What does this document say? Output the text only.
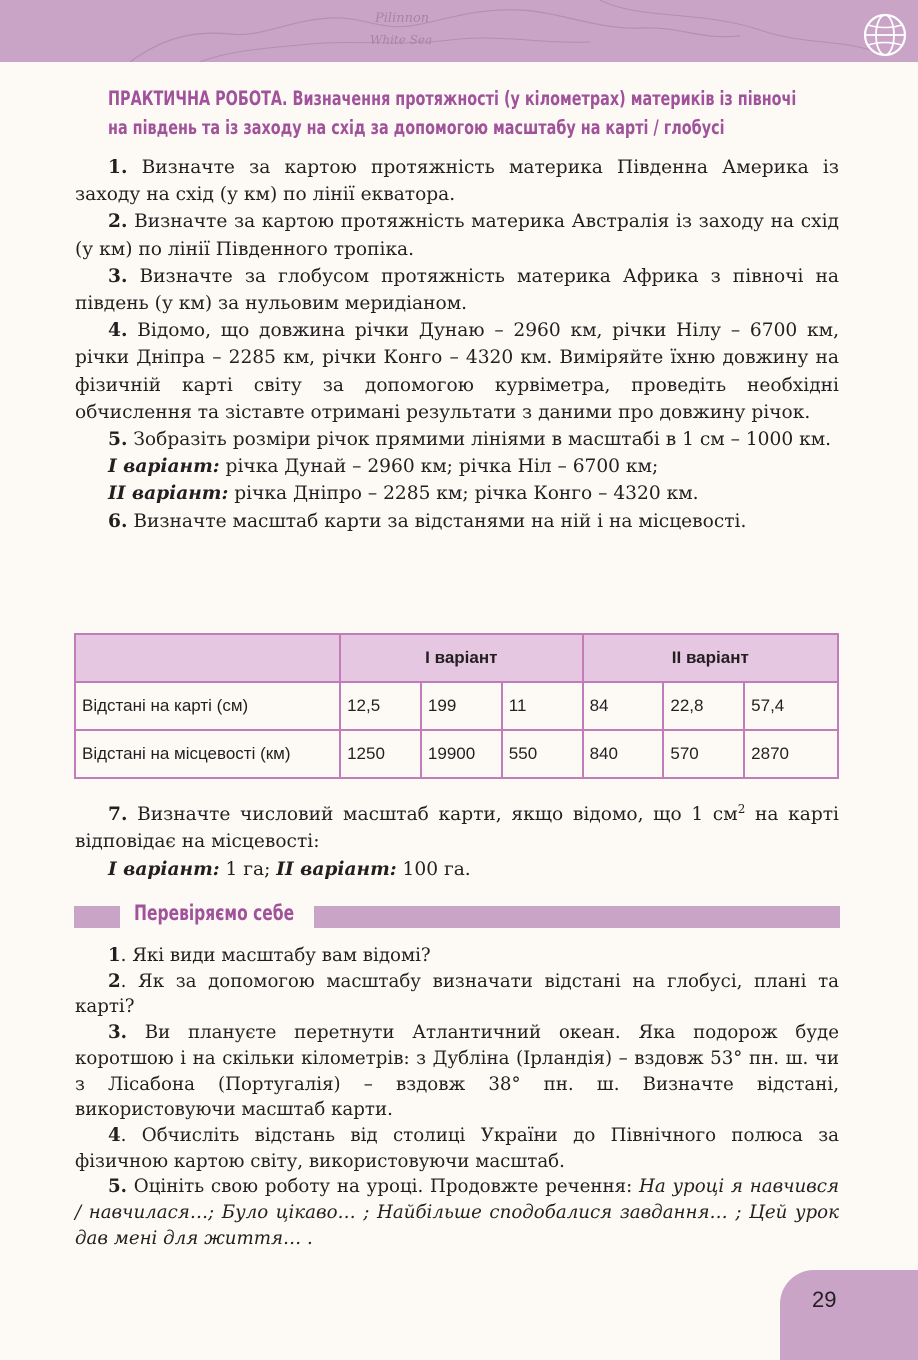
Pilinnon
White Sea
ПРАКТИЧНА РОБОТА. Визначення протяжності (у кілометрах) материків із півночі
на південь та із заходу на схід за допомогою масштабу на карті / глобусі

1. Визначте за картою протяжність материка Південна Америка із заходу на схід (у км) по лінії екватора.

2. Визначте за картою протяжність материка Австралія із заходу на схід (у км) по лінії Південного тропіка.

3. Визначте за глобусом протяжність материка Африка з півночі на південь (у км) за нульовим меридіаном.

4. Відомо, що довжина річки Дунаю – 2960 км, річки Нілу – 6700 км, річки Дніпра – 2285 км, річки Конго – 4320 км. Виміряйте їхню довжину на фізичній карті світу за допомогою курвіметра, проведіть необхідні обчислення та зіставте отримані результати з даними про довжину річок.

5. Зобразіть розміри річок прямими лініями в масштабі в 1 см – 1000 км.

I варіант: річка Дунай – 2960 км; річка Ніл – 6700 км;

II варіант: річка Дніпро – 2285 км; річка Конго – 4320 км.

6. Визначте масштаб карти за відстанями на ній і на місцевості.

	I варіант			II варіант		
Відстані на карті (см)	12,5	199	11	84	22,8	57,4
Відстані на місцевості (км)	1250	19900	550	840	570	2870

7. Визначте числовий масштаб карти, якщо відомо, що 1 $см^2$ на карті відповідає на місцевості:

I варіант: 1 га; II варіант: 100 га.

Перевіряємо себе

1. Які види масштабу вам відомі?

2. Як за допомогою масштабу визначати відстані на глобусі, плані та карті?

3. Ви плануєте перетнути Атлантичний океан. Яка подорож буде коротшою і на скільки кілометрів: з Дубліна (Ірландія) – вздовж 53° пн. ш. чи з Лісабона (Португалія) – вздовж 38° пн. ш. Визначте відстані, використовуючи масштаб карти.

4. Обчисліть відстань від столиці України до Північного полюса за фізичною картою світу, використовуючи масштаб.

5. Оцініть свою роботу на уроці. Продовжте речення: На уроці я навчився / навчилася…; Було цікаво… ; Найбільше сподобалися завдання… ; Цей урок дав мені для життя… .

29
